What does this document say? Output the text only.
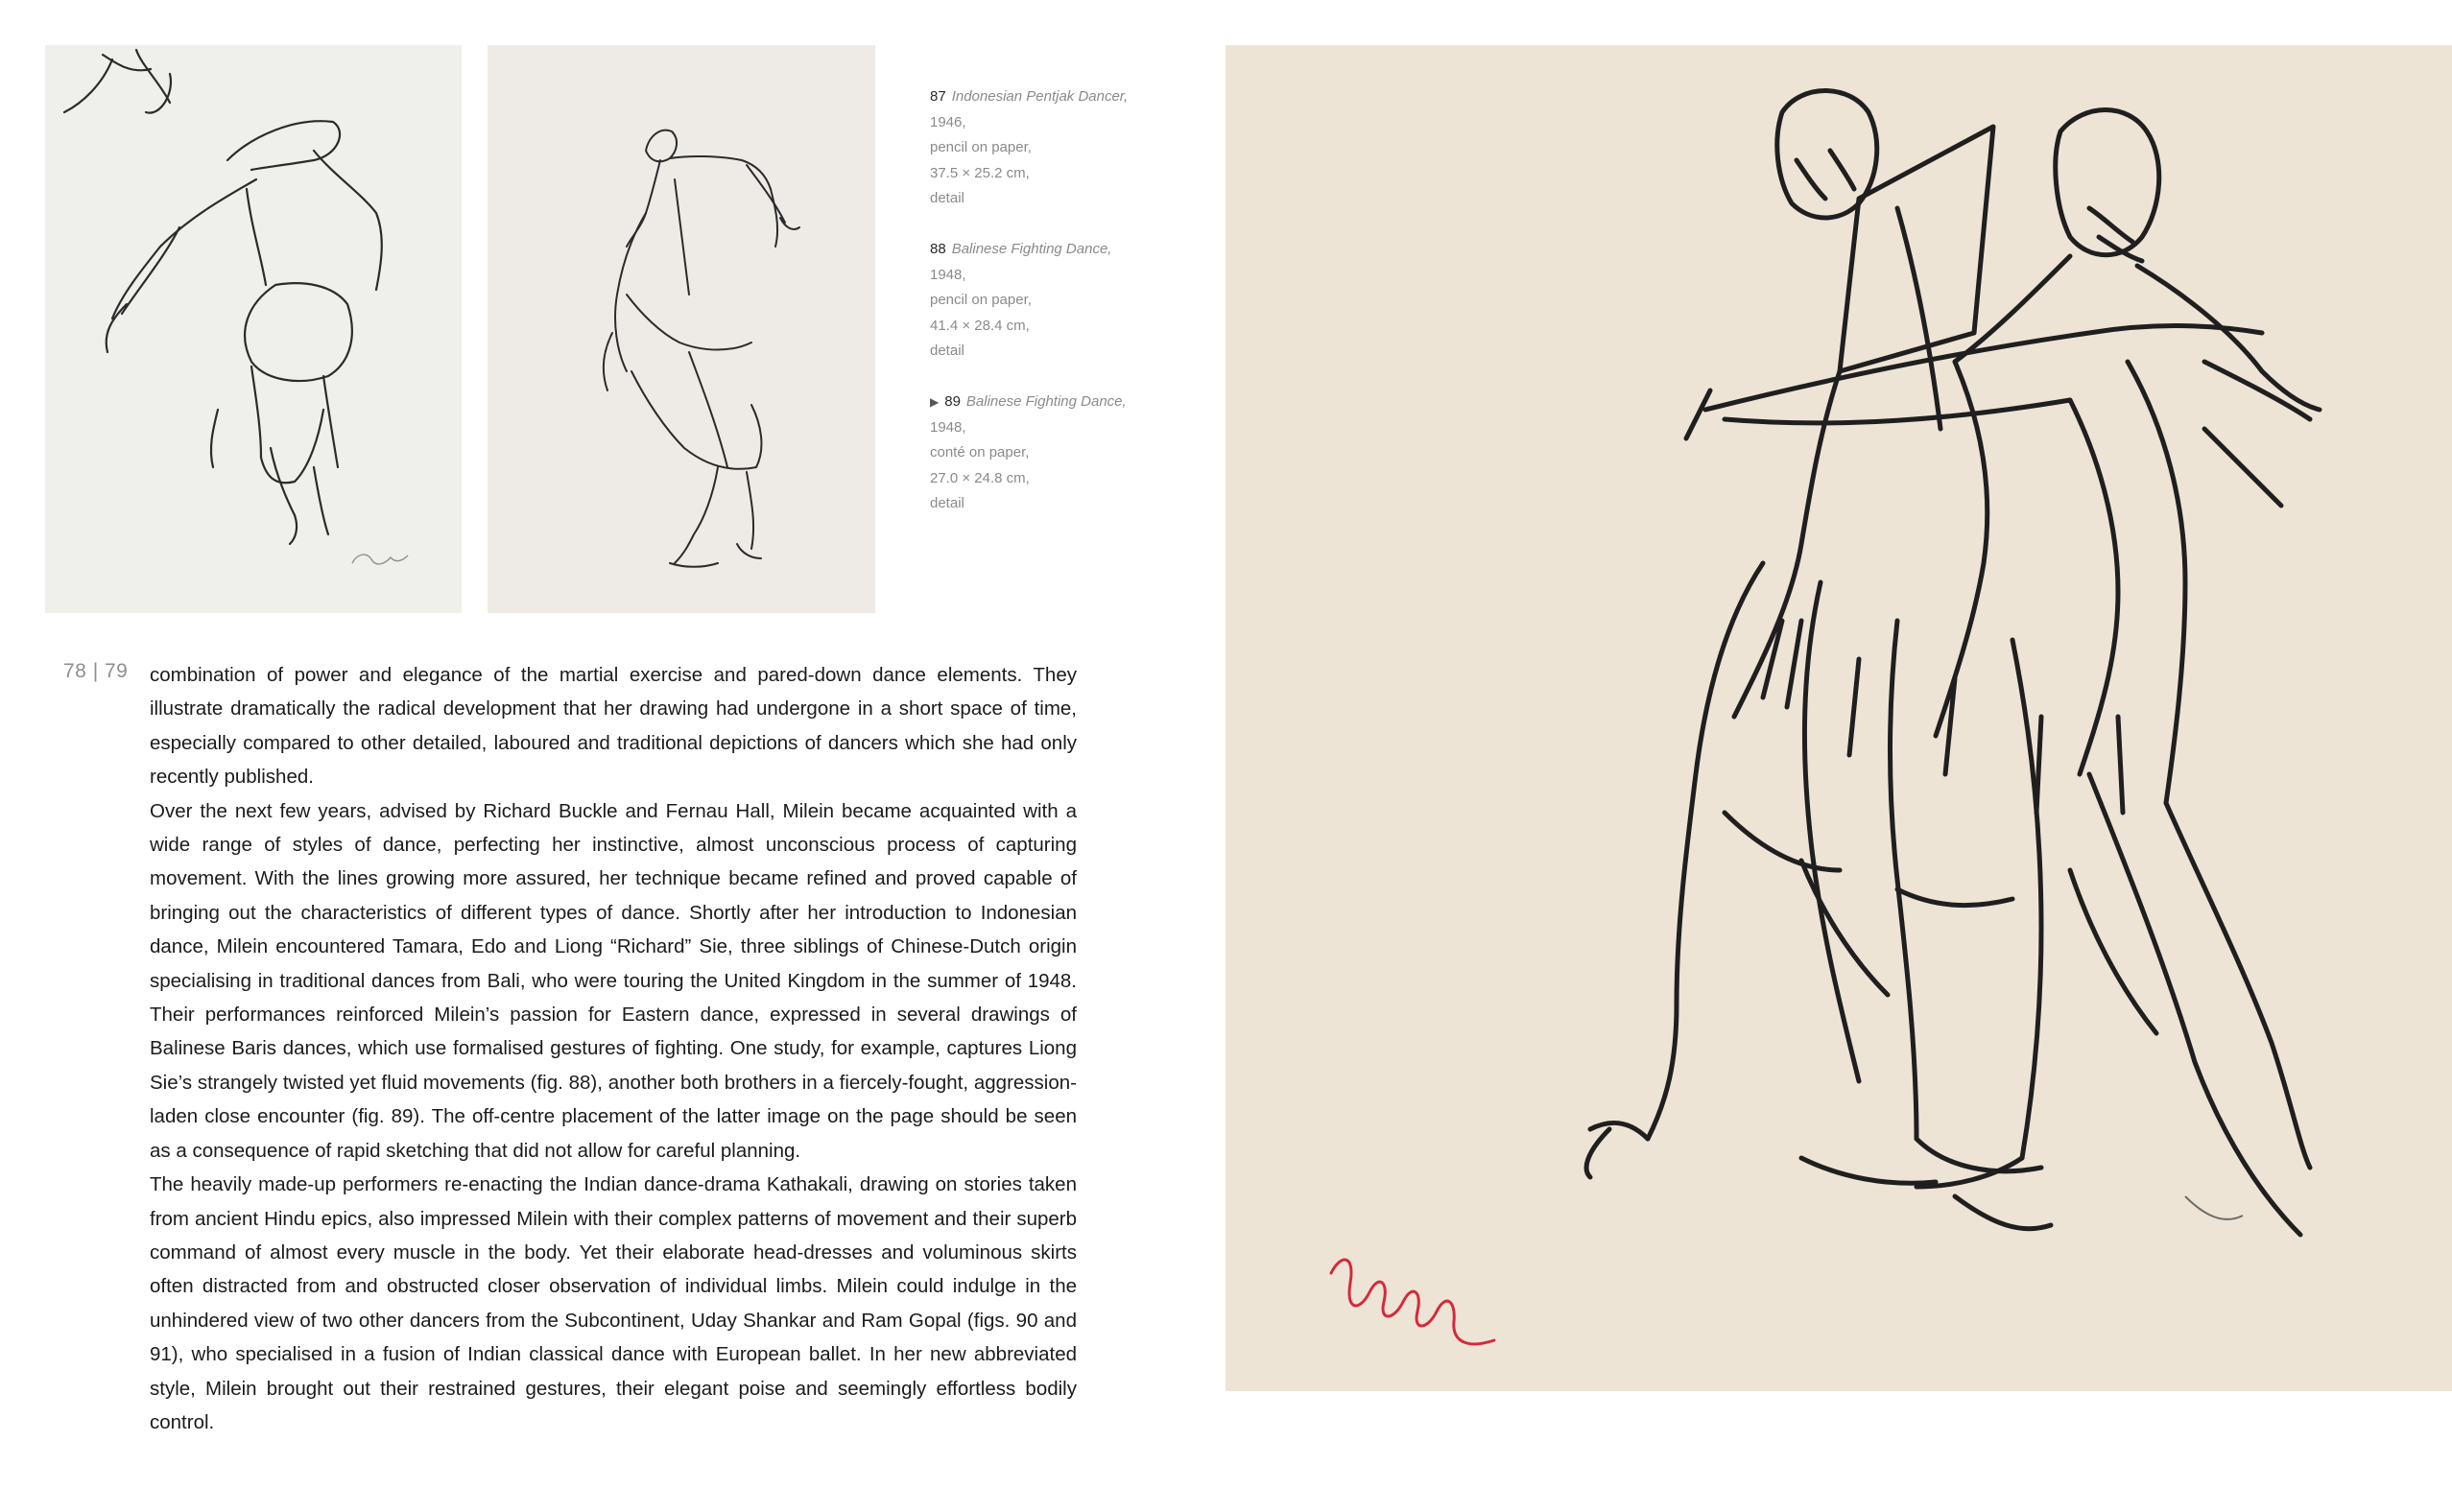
87 Indonesian Pentjak Dancer,
1946,
pencil on paper,
37.5 × 25.2 cm,
detail
88 Balinese Fighting Dance,
1948,
pencil on paper,
41.4 × 28.4 cm,
detail
▶ 89 Balinese Fighting Dance,
1948,
conté on paper,
27.0 × 24.8 cm,
detail
78 | 79 combination of power and elegance of the martial exercise and pared-down dance elements. They illustrate dramatically the radical development that her drawing had undergone in a short space of time, especially compared to other detailed, laboured and traditional depictions of dancers which she had only recently published.

Over the next few years, advised by Richard Buckle and Fernau Hall, Milein became acquainted with a wide range of styles of dance, perfecting her instinctive, almost unconscious process of capturing movement. With the lines growing more assured, her technique became refined and proved capable of bringing out the characteristics of different types of dance. Shortly after her introduction to Indonesian dance, Milein encountered Tamara, Edo and Liong “Richard” Sie, three siblings of Chinese-Dutch origin specialising in traditional dances from Bali, who were touring the United Kingdom in the summer of 1948. Their performances reinforced Milein’s passion for Eastern dance, expressed in several drawings of Balinese Baris dances, which use formalised gestures of fighting. One study, for example, captures Liong Sie’s strangely twisted yet fluid movements (fig. 88), another both brothers in a fiercely-fought, aggression-laden close encounter (fig. 89). The off-centre placement of the latter image on the page should be seen as a consequence of rapid sketching that did not allow for careful planning.

The heavily made-up performers re-enacting the Indian dance-drama Kathakali, drawing on stories taken from ancient Hindu epics, also impressed Milein with their complex patterns of movement and their superb command of almost every muscle in the body. Yet their elaborate head-dresses and voluminous skirts often distracted from and obstructed closer observation of individual limbs. Milein could indulge in the unhindered view of two other dancers from the Subcontinent, Uday Shankar and Ram Gopal (figs. 90 and 91), who specialised in a fusion of Indian classical dance with European ballet. In her new abbreviated style, Milein brought out their restrained gestures, their elegant poise and seemingly effortless bodily control.
